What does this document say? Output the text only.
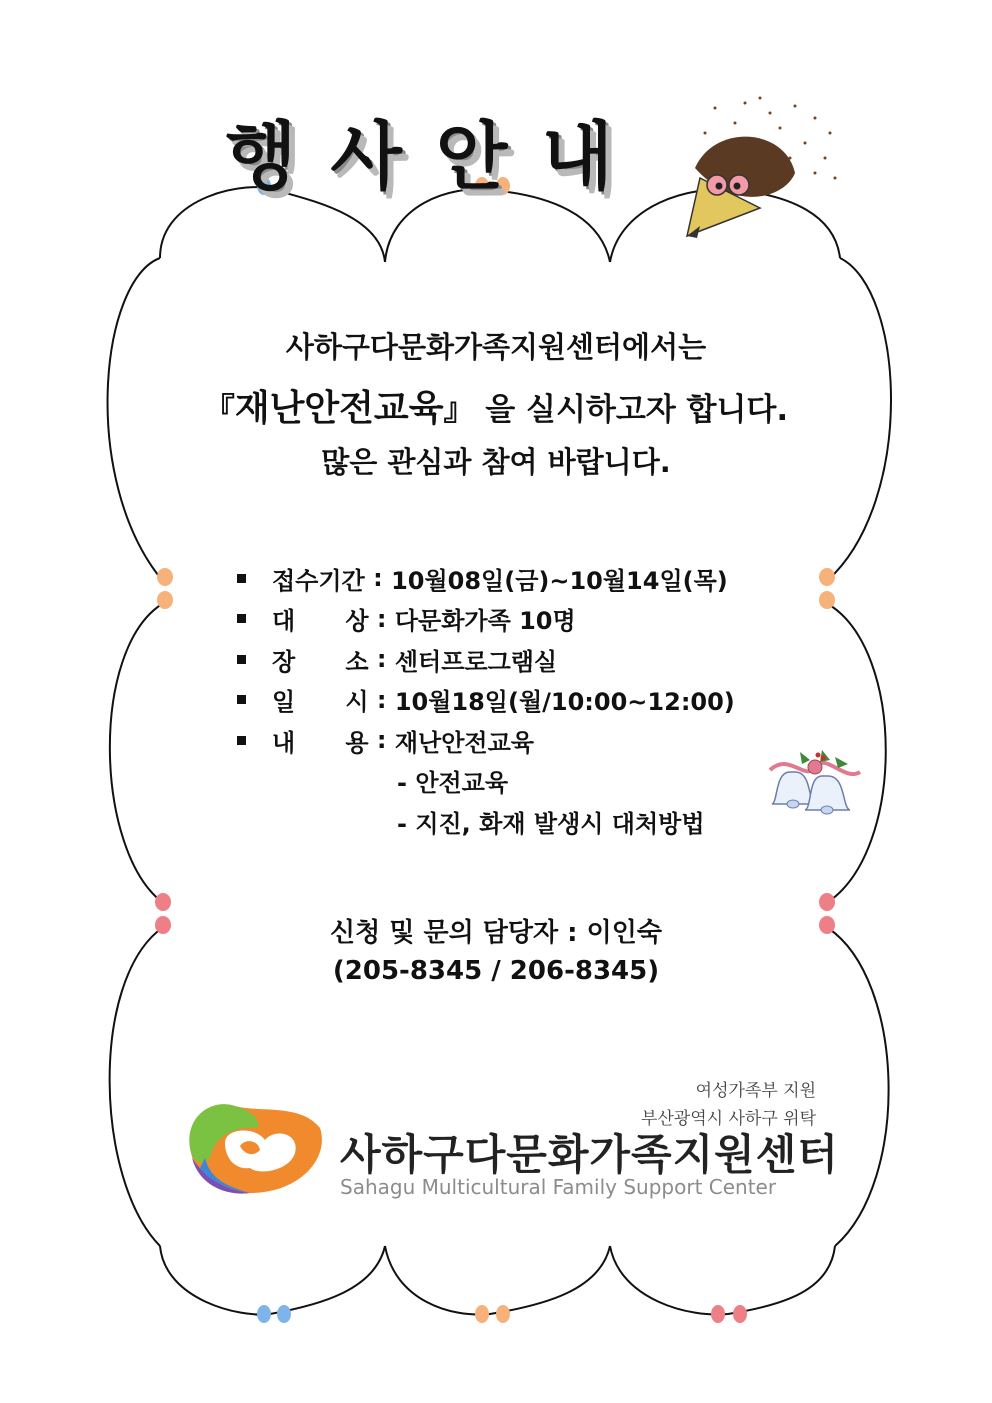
행사안내
사하구다문화가족지원센터에서는
『재난안전교육』 을 실시하고자 합니다.
많은 관심과 참여 바랍니다.
접수기간 : 10월08일(금)~10월14일(목)
대      상 : 다문화가족 10명
장      소 : 센터프로그램실
일      시 : 10월18일(월/10:00~12:00)
내      용 : 재난안전교육
- 안전교육
- 지진, 화재 발생시 대처방법
신청 및 문의 담당자 : 이인숙
(205-8345 / 206-8345)
여성가족부 지원
부산광역시 사하구 위탁
사하구다문화가족지원센터
Sahagu Multicultural Family Support Center
